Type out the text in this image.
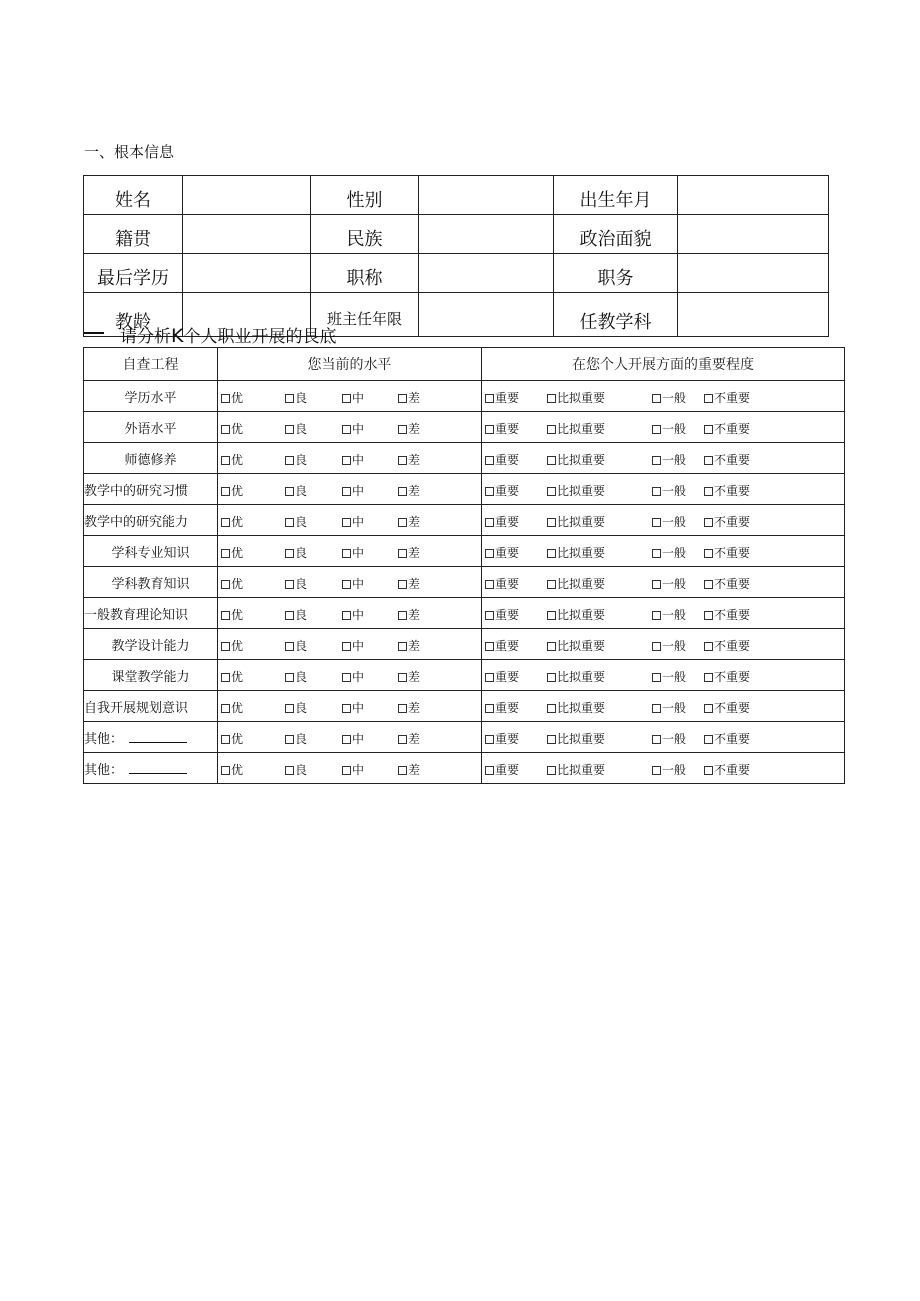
一、根本信息
姓名		性别		出生年月	
籍贯		民族		政治面貌	
最后学历		职称		职务	
教龄		班主任年限		任教学科	
请分析K个人职业开展的艮底
自查工程	您当前的水平	在您个人开展方面的重要程度
学历水平	优 良 中 差	重要 比拟重要 一般 不重要

外语水平	优 良 中 差	重要 比拟重要 一般 不重要

师德修养	优 良 中 差	重要 比拟重要 一般 不重要

教学中的研究习惯	优 良 中 差	重要 比拟重要 一般 不重要

教学中的研究能力	优 良 中 差	重要 比拟重要 一般 不重要

学科专业知识	优 良 中 差	重要 比拟重要 一般 不重要

学科教育知识	优 良 中 差	重要 比拟重要 一般 不重要

一般教育理论知识	优 良 中 差	重要 比拟重要 一般 不重要

教学设计能力	优 良 中 差	重要 比拟重要 一般 不重要

课堂教学能力	优 良 中 差	重要 比拟重要 一般 不重要

自我开展规划意识	优 良 中 差	重要 比拟重要 一般 不重要

其他：	优 良 中 差	重要 比拟重要 一般 不重要

其他：	优 良 中 差	重要 比拟重要 一般 不重要
